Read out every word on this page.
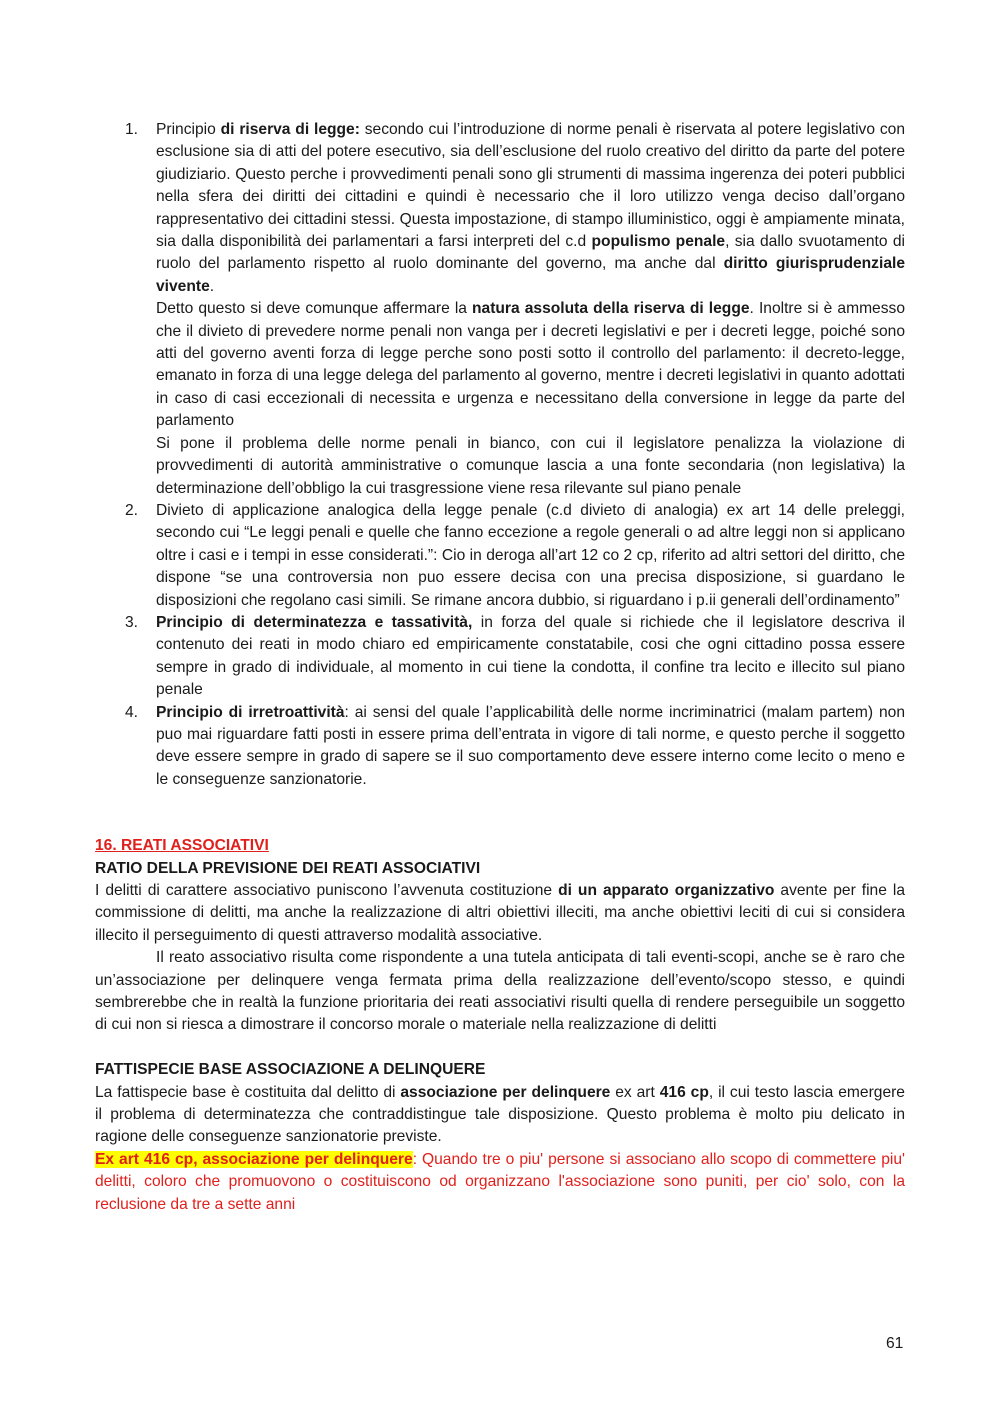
1. Principio di riserva di legge: secondo cui l’introduzione di norme penali è riservata al potere legislativo con esclusione sia di atti del potere esecutivo, sia dell’esclusione del ruolo creativo del diritto da parte del potere giudiziario. Questo perche i provvedimenti penali sono gli strumenti di massima ingerenza dei poteri pubblici nella sfera dei diritti dei cittadini e quindi è necessario che il loro utilizzo venga deciso dall’organo rappresentativo dei cittadini stessi. Questa impostazione, di stampo illuministico, oggi è ampiamente minata, sia dalla disponibilità dei parlamentari a farsi interpreti del c.d populismo penale, sia dallo svuotamento di ruolo del parlamento rispetto al ruolo dominante del governo, ma anche dal diritto giurisprudenziale vivente.

Detto questo si deve comunque affermare la natura assoluta della riserva di legge. Inoltre si è ammesso che il divieto di prevedere norme penali non vanga per i decreti legislativi e per i decreti legge, poiché sono atti del governo aventi forza di legge perche sono posti sotto il controllo del parlamento: il decreto-legge, emanato in forza di una legge delega del parlamento al governo, mentre i decreti legislativi in quanto adottati in caso di casi eccezionali di necessita e urgenza e necessitano della conversione in legge da parte del parlamento

Si pone il problema delle norme penali in bianco, con cui il legislatore penalizza la violazione di provvedimenti di autorità amministrative o comunque lascia a una fonte secondaria (non legislativa) la determinazione dell’obbligo la cui trasgressione viene resa rilevante sul piano penale

2. Divieto di applicazione analogica della legge penale (c.d divieto di analogia) ex art 14 delle preleggi, secondo cui “Le leggi penali e quelle che fanno eccezione a regole generali o ad altre leggi non si applicano oltre i casi e i tempi in esse considerati.”: Cio in deroga all’art 12 co 2 cp, riferito ad altri settori del diritto, che dispone “se una controversia non puo essere decisa con una precisa disposizione, si guardano le disposizioni che regolano casi simili. Se rimane ancora dubbio, si riguardano i p.ii generali dell’ordinamento”

3. Principio di determinatezza e tassatività, in forza del quale si richiede che il legislatore descriva il contenuto dei reati in modo chiaro ed empiricamente constatabile, cosi che ogni cittadino possa essere sempre in grado di individuale, al momento in cui tiene la condotta, il confine tra lecito e illecito sul piano penale

4. Principio di irretroattività: ai sensi del quale l’applicabilità delle norme incriminatrici (malam partem) non puo mai riguardare fatti posti in essere prima dell’entrata in vigore di tali norme, e questo perche il soggetto deve essere sempre in grado di sapere se il suo comportamento deve essere interno come lecito o meno e le conseguenze sanzionatorie.

16. REATI ASSOCIATIVI

RATIO DELLA PREVISIONE DEI REATI ASSOCIATIVI

I delitti di carattere associativo puniscono l’avvenuta costituzione di un apparato organizzativo avente per fine la commissione di delitti, ma anche la realizzazione di altri obiettivi illeciti, ma anche obiettivi leciti di cui si considera illecito il perseguimento di questi attraverso modalità associative.

Il reato associativo risulta come rispondente a una tutela anticipata di tali eventi-scopi, anche se è raro che un’associazione per delinquere venga fermata prima della realizzazione dell’evento/scopo stesso, e quindi sembrerebbe che in realtà la funzione prioritaria dei reati associativi risulti quella di rendere perseguibile un soggetto di cui non si riesca a dimostrare il concorso morale o materiale nella realizzazione di delitti

FATTISPECIE BASE ASSOCIAZIONE A DELINQUERE

La fattispecie base è costituita dal delitto di associazione per delinquere ex art 416 cp, il cui testo lascia emergere il problema di determinatezza che contraddistingue tale disposizione. Questo problema è molto piu delicato in ragione delle conseguenze sanzionatorie previste.

Ex art 416 cp, associazione per delinquere: Quando tre o piu' persone si associano allo scopo di commettere piu' delitti, coloro che promuovono o costituiscono od organizzano l'associazione sono puniti, per cio' solo, con la reclusione da tre a sette anni

61
